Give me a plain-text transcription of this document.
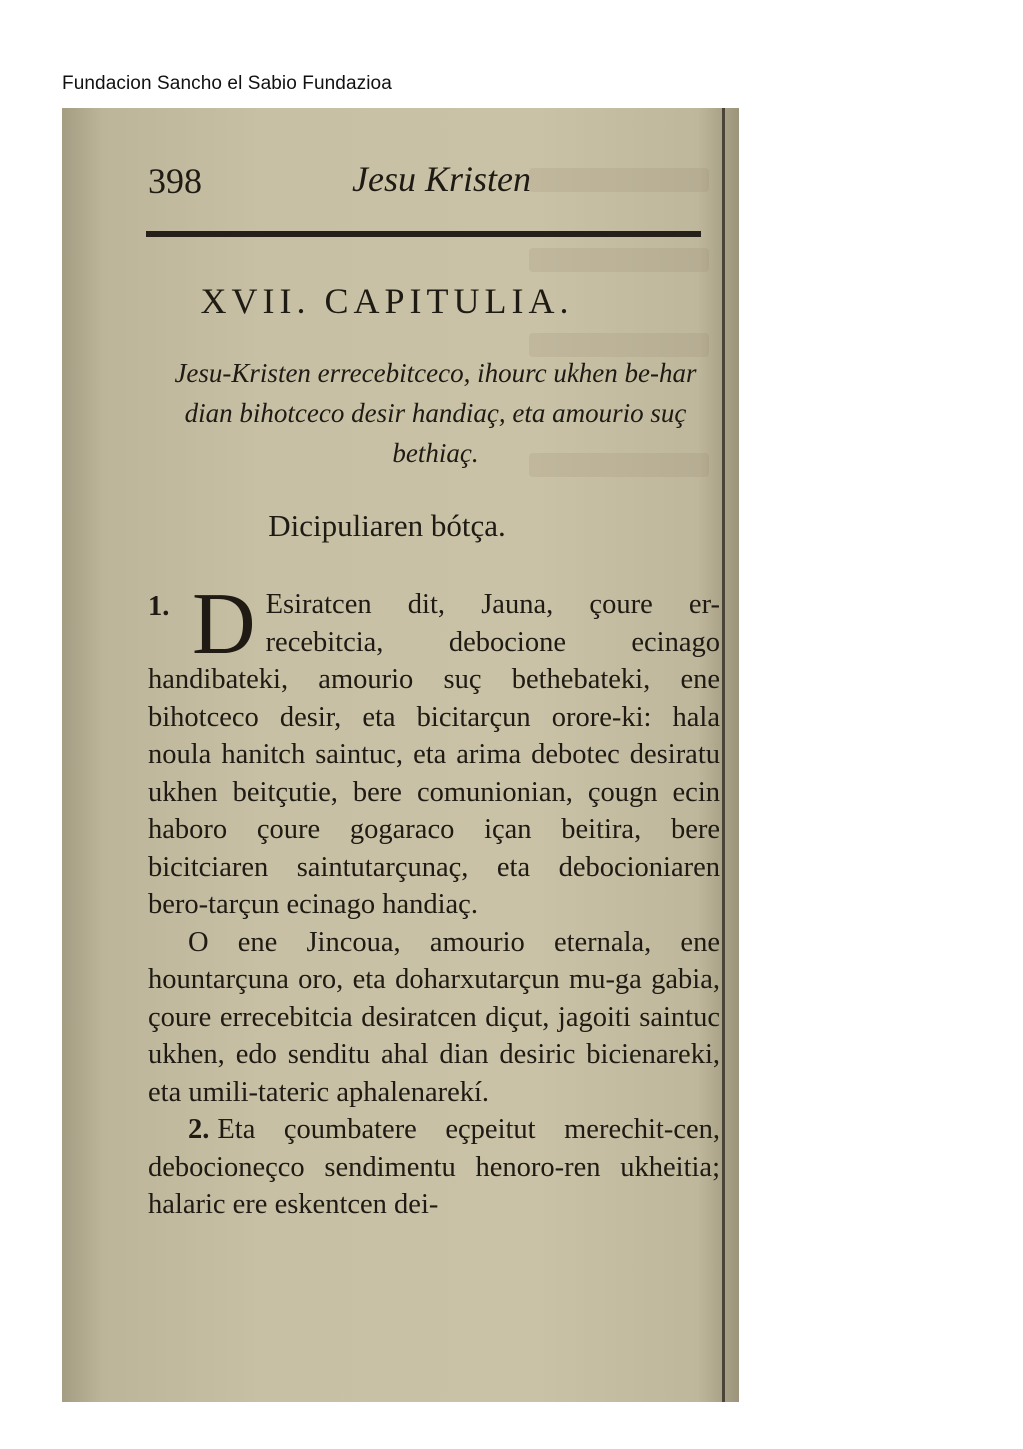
Fundacion Sancho el Sabio Fundazioa
398	Jesu Kristen
XVII. CAPITULIA.
Jesu-Kristen errecebitceco, ihourc ukhen be-har dian bihotceco desir handiaç, eta amourio suç bethiaç.
Dicipuliaren bótça.

1. D Esiratcen dit, Jauna, çoure er-recebitcia, debocione ecinago handibateki, amourio suç bethebateki, ene bihotceco desir, eta bicitarçun orore-ki: hala noula hanitch saintuc, eta arima debotec desiratu ukhen beitçutie, bere comunionian, çougn ecin haboro çoure gogaraco içan beitira, bere bicitciaren saintutarçunaç, eta debocioniaren bero-tarçun ecinago handiaç.

O ene Jincoua, amourio eternala, ene hountarçuna oro, eta doharxutarçun mu-ga gabia, çoure errecebitcia desiratcen diçut, jagoiti saintuc ukhen, edo senditu ahal dian desiric bicienareki, eta umili-tateric aphalenarekí.

2. Eta çoumbatere eçpeitut merechit-cen, debocioneçco sendimentu henoro-ren ukheitia; halaric ere eskentcen dei-
